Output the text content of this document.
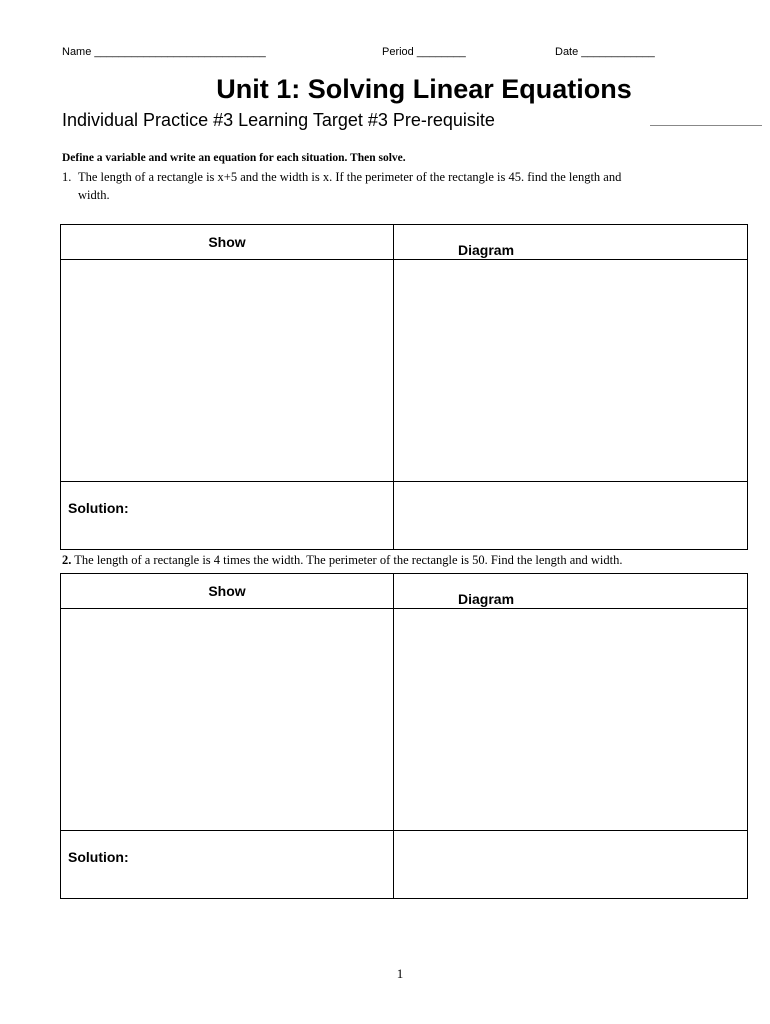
Name ____________________________	Period ________	Date ____________
Unit 1: Solving Linear Equations
Individual Practice #3 Learning Target #3 Pre-requisite
Define a variable and write an equation for each situation. Then solve.
1. The length of a rectangle is x+5 and the width is x. If the perimeter of the rectangle is 45. find the length and
width.
Show	Diagram

Solution:	
2. The length of a rectangle is 4 times the width. The perimeter of the rectangle is 50. Find the length and width.
Show	Diagram

Solution:	
1
